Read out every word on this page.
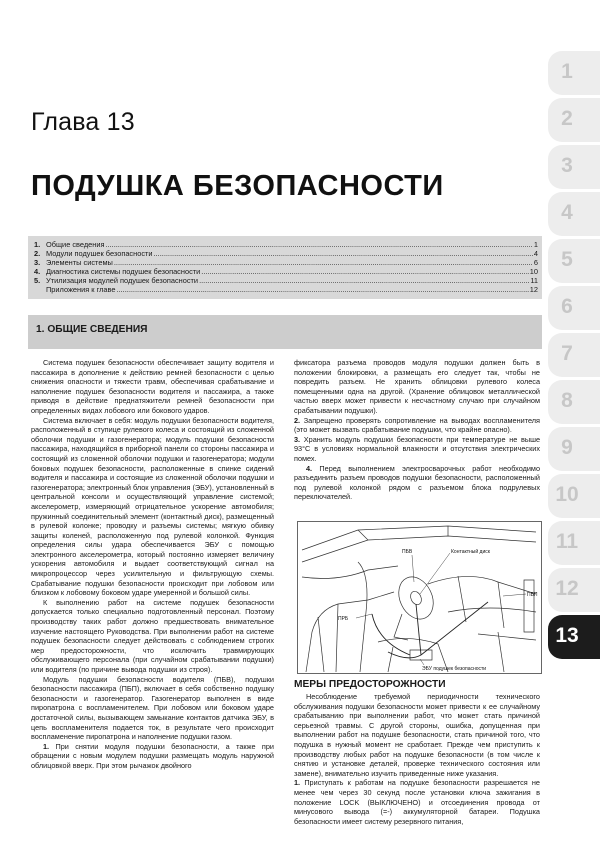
Глава 13
ПОДУШКА БЕЗОПАСНОСТИ
1. Общие сведения .....	1
2. Модули подушек безопасности .....	4
3. Элементы системы .....	6
4. Диагностика системы подушек безопасности .....	10
5. Утилизация модулей подушек безопасности .....	11
Приложения к главе .....	12
1. ОБЩИЕ СВЕДЕНИЯ

Система подушек безопасности обеспечивает защиту водителя и пассажира в дополнение к действию ремней безопасности с целью снижения опасности и тяжести травм, обеспечивая срабатывание и наполнение подушек безопасности водителя и пассажира, а также приводя в действие преднатяжители ремней безопасности при определенных видах лобового или бокового ударов.

Система включает в себя: модуль подушки безопасности водителя, расположенный в ступице рулевого колеса и состоящий из сложенной оболочки подушки и газогенератора; модуль подушки безопасности пассажира, находящийся в приборной панели со стороны пассажира и состоящий из сложенной оболочки подушки и газогенератора; модули боковых подушек безопасности, расположенные в спинке сидений водителя и пассажира и состоящие из сложенной оболочки подушки и газогенератора; электронный блок управления (ЭБУ), установленный в центральной консоли и осуществляющий управление системой; акселерометр, измеряющий отрицательное ускорение автомобиля; пружинный соединительный элемент (контактный диск), размещенный в рулевой колонке; проводку и разъемы системы; мягкую обивку защиты коленей, расположенную под рулевой колонкой. Функция определения силы удара обеспечивается ЭБУ с помощью электронного акселерометра, который постоянно измеряет величину ускорения автомобиля и выдает соответствующий сигнал на микропроцессор через усилительную и фильтрующую схемы. Срабатывание подушки безопасности происходит при лобовом или близком к лобовому боковом ударе умеренной и большой силы.

К выполнению работ на системе подушек безопасности допускается только специально подготовленный персонал. Поэтому производству таких работ должно предшествовать внимательное изучение настоящего Руководства. При выполнении работ на системе подушек безопасности следует действовать с соблюдением строгих мер предосторожности, что исключить травмирующих обслуживающего персонала (при случайном срабатывании подушки) или водителя (по причине вывода подушки из строя).

Модуль подушки безопасности водителя (ПБВ), подушки безопасности пассажира (ПБП), включает в себя собственно подушку безопасности и газогенератор. Газогенератор выполнен в виде пиропатрона с воспламенителем. При лобовом или боковом ударе достаточной силы, вызывающем замыкание контактов датчика ЭБУ, в цепь воспламенителя подается ток, в результате чего происходит воспламенение пиропатрона и наполнение подушки газом.

1. При снятии модуля подушки безопасности, а также при обращении с новым модулем подушки размещать модуль наружной облицовкой вверх. При этом рычажок двойного

фиксатора разъема проводов модуля подушки должен быть в положении блокировки, а размещать его следует так, чтобы не повредить разъем. Не хранить облицовки рулевого колеса помещенными одна на другой. (Хранение облицовок металлической частью вверх может привести к несчастному случаю при случайном срабатывании подушки).

2. Запрещено проверять сопротивление на выводах воспламенителя (это может вызвать срабатывание подушки, что крайне опасно).

3. Хранить модуль подушки безопасности при температуре не выше 93°С в условиях нормальной влажности и отсутствия электрических помех.

4. Перед выполнением электросварочных работ необходимо разъединить разъем проводов подушки безопасности, расположенный под рулевой колонкой рядом с разъемом блока подрулевых переключателей.

ПБВ	Контактный диск
ПБП
ПРБ
ЭБУ подушек безопасности
МЕРЫ ПРЕДОСТОРОЖНОСТИ

Несоблюдение требуемой периодичности технического обслуживания подушки безопасности может привести к ее случайному срабатыванию при выполнении работ, что может стать причиной серьезной травмы. С другой стороны, ошибка, допущенная при выполнении работ на подушке безопасности, стать причиной того, что подушка в нужный момент не сработает. Прежде чем приступить к производству любых работ на подушке безопасности (в том числе к снятию и установке деталей, проверке технического состояния или замене), внимательно изучить приведенные ниже указания.

1. Приступать к работам на подушке безопасности разрешается не менее чем через 30 секунд после установки ключа зажигания в положение LOCK (ВЫКЛЮЧЕНО) и отсоединения провода от минусового вывода (=-) аккумуляторной батареи. Подушка безопасности имеет систему резервного питания,

1
2
3
4
5
6
7
8
9
10
11
12
13
